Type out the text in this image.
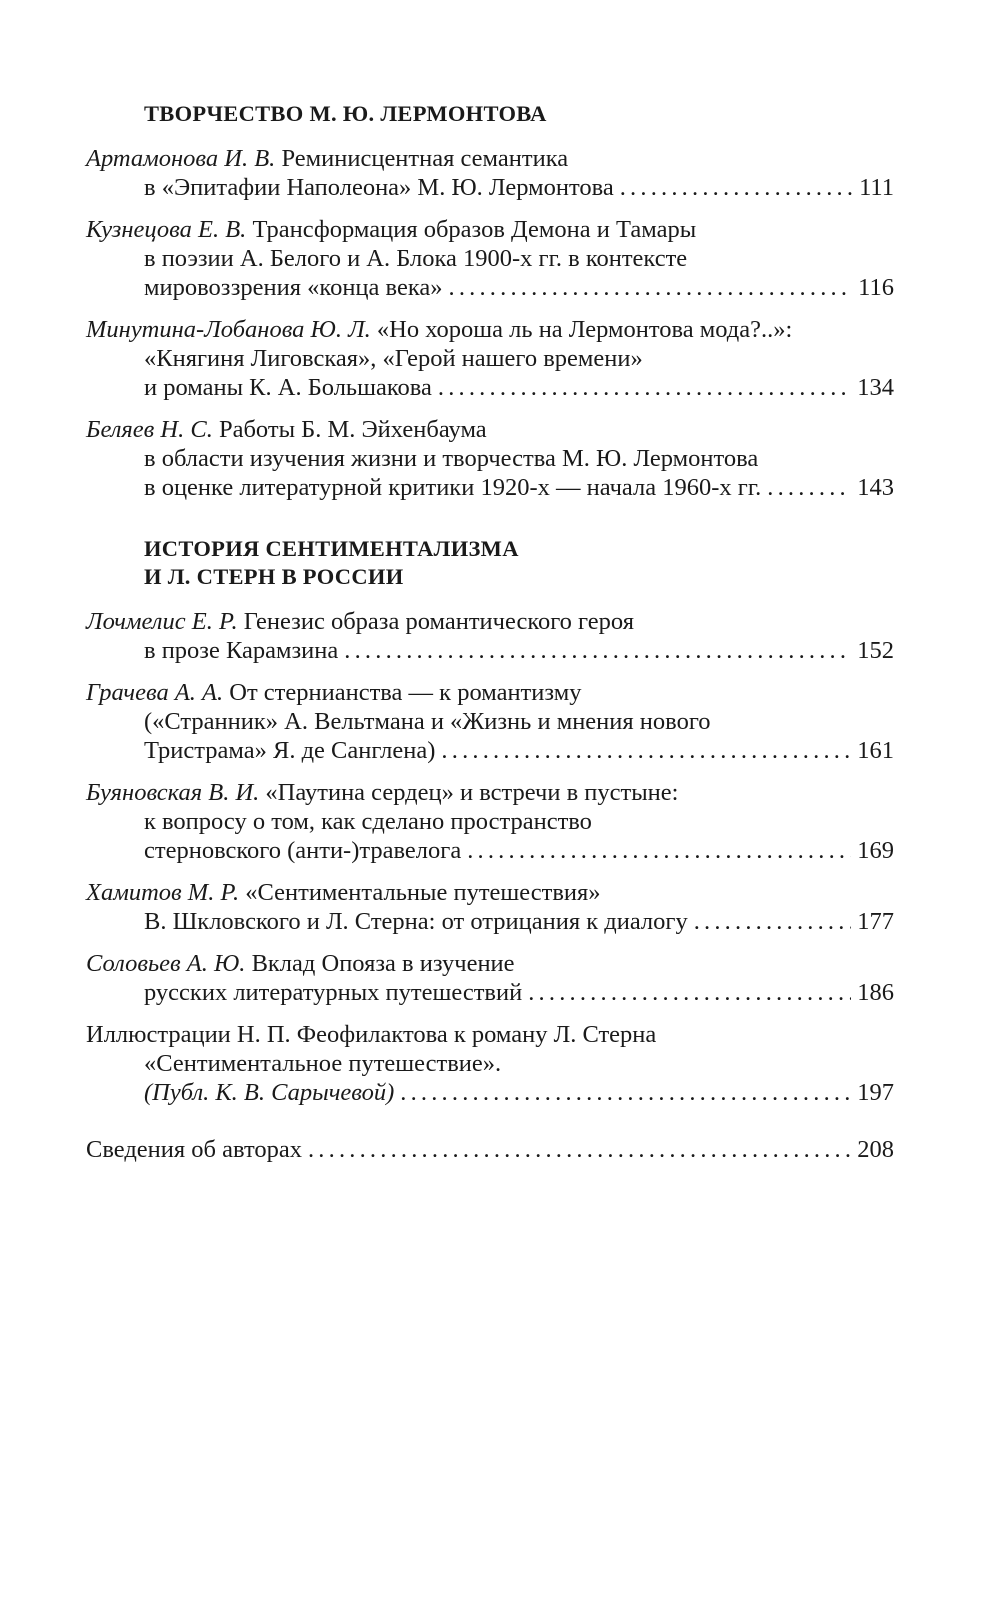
ТВОРЧЕСТВО М. Ю. ЛЕРМОНТОВА
Артамонова И. В. Реминисцентная семантика
в «Эпитафии Наполеона» М. Ю. Лермонтова .....	111
Кузнецова Е. В. Трансформация образов Демона и Тамары
в поэзии А. Белого и А. Блока 1900-х гг. в контексте
мировоззрения «конца века» .....	116
Минутина-Лобанова Ю. Л. «Но хороша ль на Лермонтова мода?..»:
«Княгиня Лиговская», «Герой нашего времени»
и романы К. А. Большакова .....	134
Беляев Н. С. Работы Б. М. Эйхенбаума
в области изучения жизни и творчества М. Ю. Лермонтова
в оценке литературной критики 1920-х — начала 1960-х гг. .....	143
ИСТОРИЯ СЕНТИМЕНТАЛИЗМА
И Л. СТЕРН В РОССИИ
Лочмелис Е. Р. Генезис образа романтического героя
в прозе Карамзина .....	152
Грачева А. А. От стернианства — к романтизму
(«Странник» А. Вельтмана и «Жизнь и мнения нового
Тристрама» Я. де Санглена) .....	161
Буяновская В. И. «Паутина сердец» и встречи в пустыне:
к вопросу о том, как сделано пространство
стерновского (анти-)травелога .....	169
Хамитов М. Р. «Сентиментальные путешествия»
В. Шкловского и Л. Стерна: от отрицания к диалогу .....	177
Соловьев А. Ю. Вклад Опояза в изучение
русских литературных путешествий .....	186
Иллюстрации Н. П. Феофилактова к роману Л. Стерна
«Сентиментальное путешествие».
(Публ. К. В. Сарычевой) .....	197
Сведения об авторах .....	208
